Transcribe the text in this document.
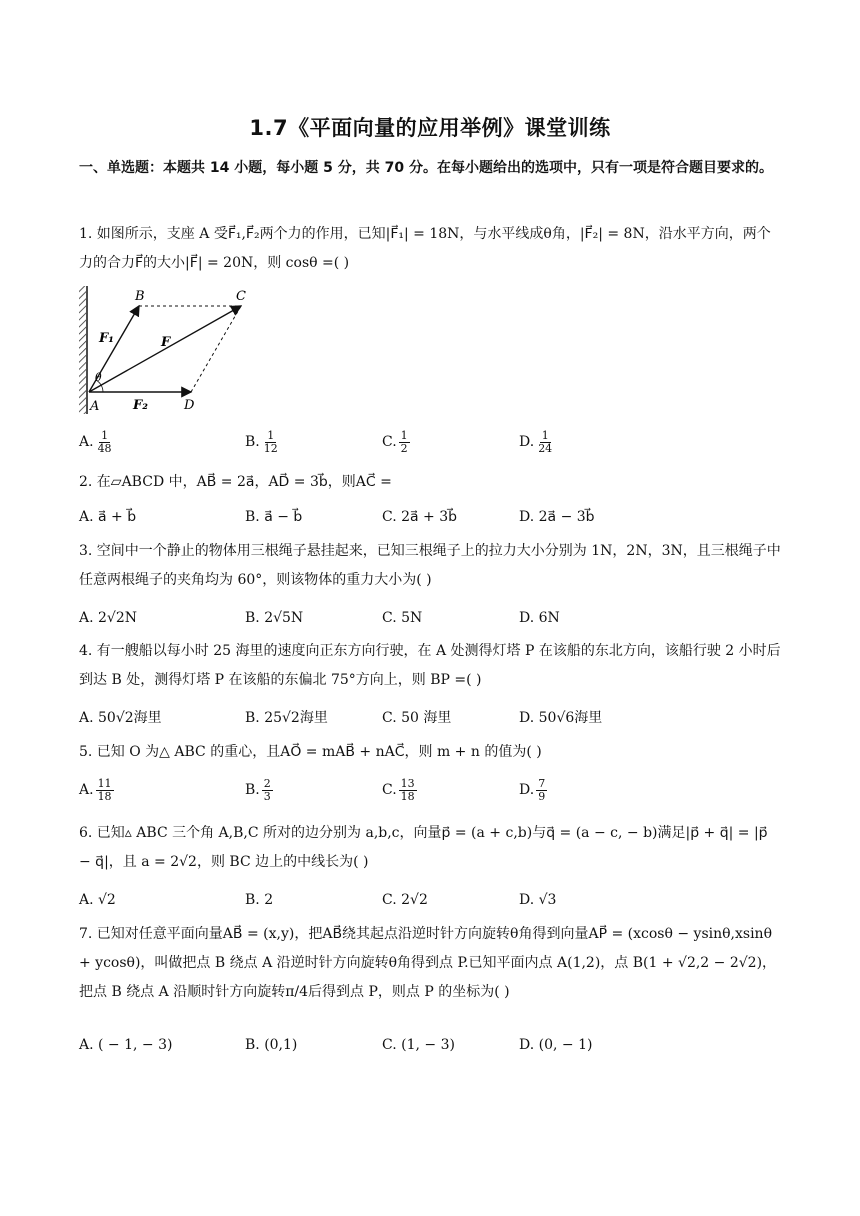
1.7《平面向量的应用举例》课堂训练
一、单选题：本题共 14 小题，每小题 5 分，共 70 分。在每小题给出的选项中，只有一项是符合题目要求的。
1. 如图所示，支座 A 受F⃗₁,F⃗₂两个力的作用，已知|F⃗₁| = 18N，与水平线成θ角，|F⃗₂| = 8N，沿水平方向，两个力的合力F⃗的大小|F⃗| = 20N，则 cosθ =( )
B	C
A	D
F₁	F
F₂
θ
A. $\frac{1}{48}$	B. $\frac{1}{12}$	C. $\frac{1}{2}$	D. $\frac{1}{24}$
2. 在▱ABCD 中，AB⃗ = 2a⃗，AD⃗ = 3b⃗，则AC⃗ =
A. a⃗ + b⃗	B. a⃗ − b⃗	C. 2a⃗ + 3b⃗	D. 2a⃗ − 3b⃗
3. 空间中一个静止的物体用三根绳子悬挂起来，已知三根绳子上的拉力大小分别为 1N，2N，3N，且三根绳子中任意两根绳子的夹角均为 60°，则该物体的重力大小为( )
A. 2√2N	B. 2√5N	C. 5N	D. 6N
4. 有一艘船以每小时 25 海里的速度向正东方向行驶，在 A 处测得灯塔 P 在该船的东北方向，该船行驶 2 小时后到达 B 处，测得灯塔 P 在该船的东偏北 75°方向上，则 BP =( )
A. 50√2海里	B. 25√2海里	C. 50 海里	D. 50√6海里
5. 已知 O 为△ ABC 的重心，且AO⃗ = mAB⃗ + nAC⃗，则 m + n 的值为( )
A. $\frac{11}{18}$	B. $\frac{2}{3}$	C. $\frac{13}{18}$	D. $\frac{7}{9}$
6. 已知▵ ABC 三个角 A,B,C 所对的边分别为 a,b,c，向量p⃗ = (a + c,b)与q⃗ = (a − c, − b)满足|p⃗ + q⃗| = |p⃗ − q⃗|，且 a = 2√2，则 BC 边上的中线长为( )
A. √2	B. 2	C. 2√2	D. √3
7. 已知对任意平面向量AB⃗ = (x,y)，把AB⃗绕其起点沿逆时针方向旋转θ角得到向量AP⃗ = (xcosθ − ysinθ,xsinθ + ycosθ)，叫做把点 B 绕点 A 沿逆时针方向旋转θ角得到点 P.已知平面内点 A(1,2)，点 B(1 + √2,2 − 2√2)，把点 B 绕点 A 沿顺时针方向旋转π/4后得到点 P，则点 P 的坐标为( )
A. ( − 1, − 3)	B. (0,1)	C. (1, − 3)	D. (0, − 1)
